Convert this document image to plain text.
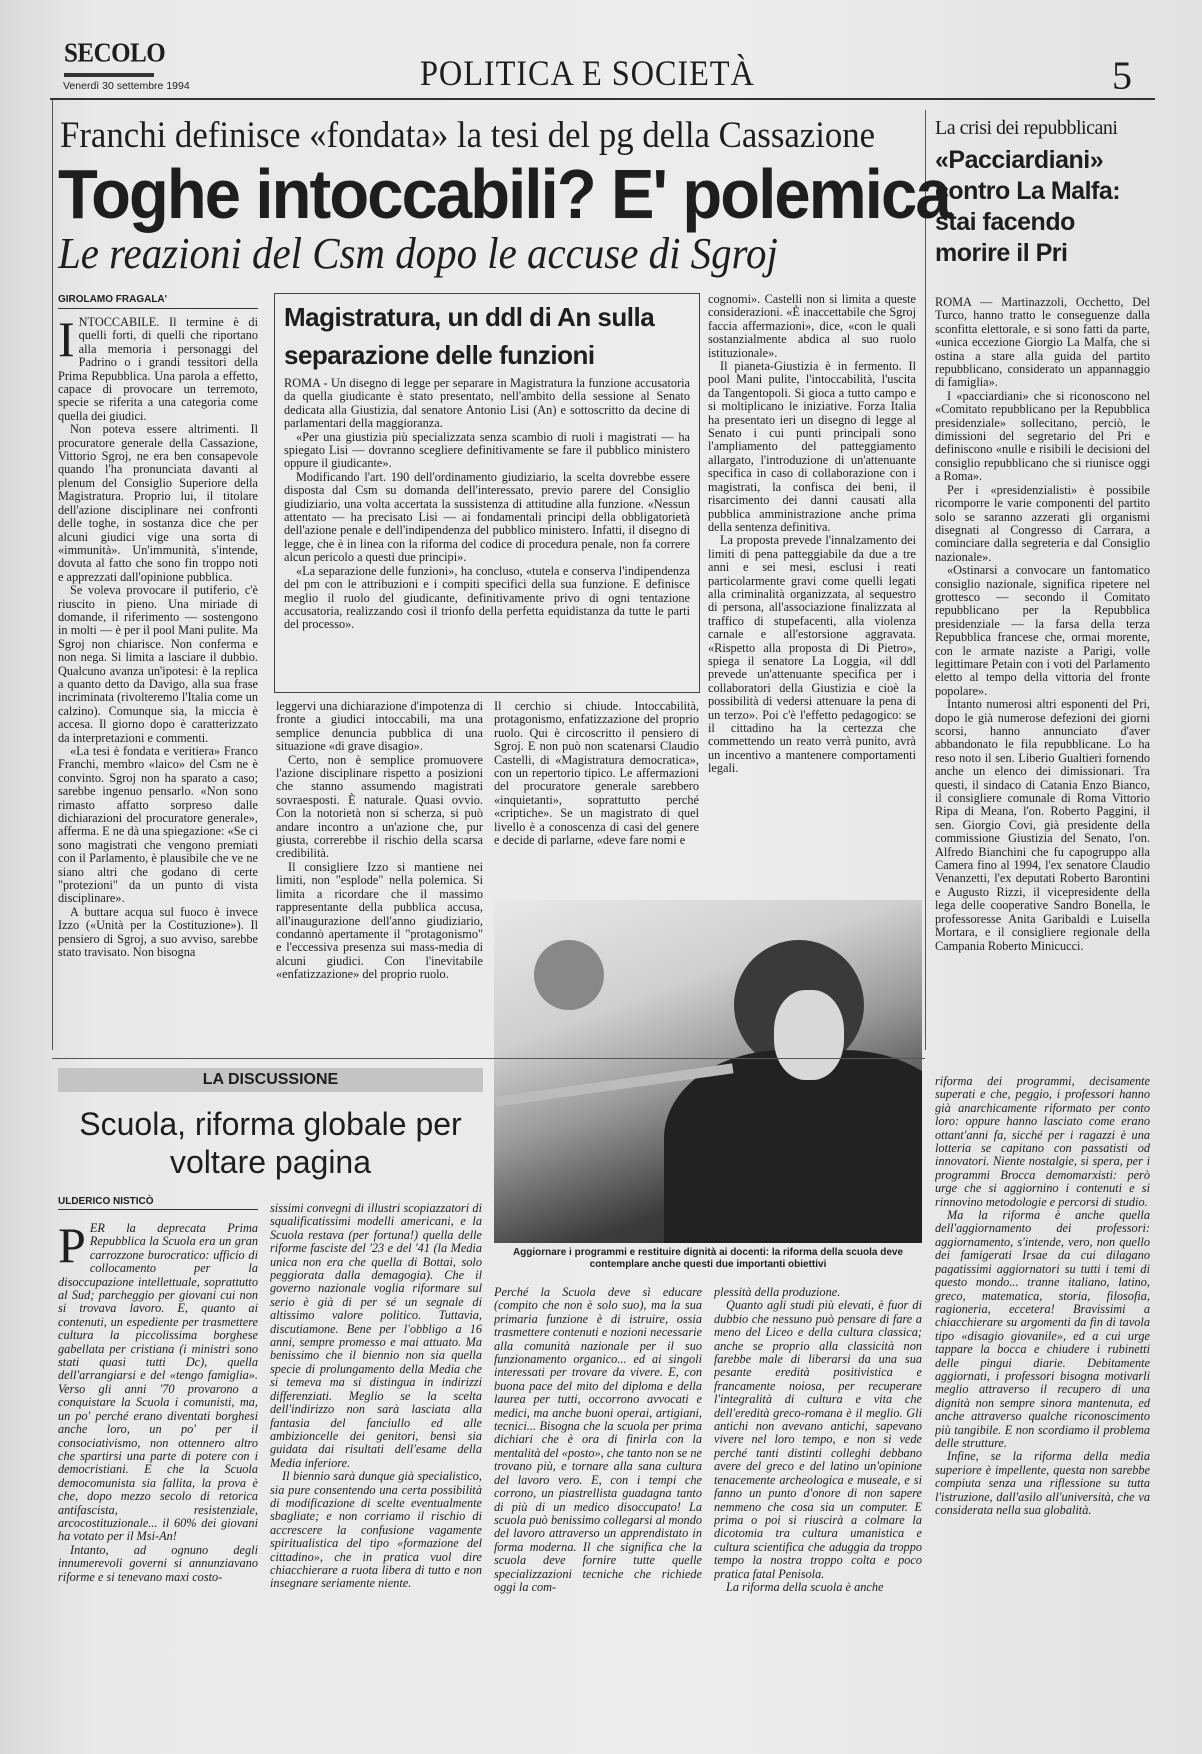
SECOLO
Venerdì 30 settembre 1994	POLITICA E SOCIETÀ	5
Franchi definisce «fondata» la tesi del pg della Cassazione
Toghe intoccabili? E' polemica
Le reazioni del Csm dopo le accuse di Sgroj
GIROLAMO FRAGALA'

INTOCCABILE. Il termine è di quelli forti, di quelli che riportano alla memoria i personaggi del Padrino o i grandi tessitori della Prima Repubblica. Una parola a effetto, capace di provocare un terremoto, specie se riferita a una categoria come quella dei giudici.

Non poteva essere altrimenti. Il procuratore generale della Cassazione, Vittorio Sgroj, ne era ben consapevole quando l'ha pronunciata davanti al plenum del Consiglio Superiore della Magistratura. Proprio lui, il titolare dell'azione disciplinare nei confronti delle toghe, in sostanza dice che per alcuni giudici vige una sorta di «immunità». Un'immunità, s'intende, dovuta al fatto che sono fin troppo noti e apprezzati dall'opinione pubblica.

Se voleva provocare il putiferio, c'è riuscito in pieno. Una miriade di domande, il riferimento — sostengono in molti — è per il pool Mani pulite. Ma Sgroj non chiarisce. Non conferma e non nega. Si limita a lasciare il dubbio. Qualcuno avanza un'ipotesi: è la replica a quanto detto da Davigo, alla sua frase incriminata (rivolteremo l'Italia come un calzino). Comunque sia, la miccia è accesa. Il giorno dopo è caratterizzato da interpretazioni e commenti.

«La tesi è fondata e veritiera» Franco Franchi, membro «laico» del Csm ne è convinto. Sgroj non ha sparato a caso; sarebbe ingenuo pensarlo. «Non sono rimasto affatto sorpreso dalle dichiarazioni del procuratore generale», afferma. E ne dà una spiegazione: «Se ci sono magistrati che vengono premiati con il Parlamento, è plausibile che ve ne siano altri che godano di certe "protezioni" da un punto di vista disciplinare».

A buttare acqua sul fuoco è invece Izzo («Unità per la Costituzione»). Il pensiero di Sgroj, a suo avviso, sarebbe stato travisato. Non bisogna

Magistratura, un ddl di An sulla separazione delle funzioni

ROMA - Un disegno di legge per separare in Magistratura la funzione accusatoria da quella giudicante è stato presentato, nell'ambito della sessione al Senato dedicata alla Giustizia, dal senatore Antonio Lisi (An) e sottoscritto da decine di parlamentari della maggioranza.

«Per una giustizia più specializzata senza scambio di ruoli i magistrati — ha spiegato Lisi — dovranno scegliere definitivamente se fare il pubblico ministero oppure il giudicante».

Modificando l'art. 190 dell'ordinamento giudiziario, la scelta dovrebbe essere disposta dal Csm su domanda dell'interessato, previo parere del Consiglio giudiziario, una volta accertata la sussistenza di attitudine alla funzione. «Nessun attentato — ha precisato Lisi — ai fondamentali principi della obbligatorietà dell'azione penale e dell'indipendenza del pubblico ministero. Infatti, il disegno di legge, che è in linea con la riforma del codice di procedura penale, non fa correre alcun pericolo a questi due principi».

«La separazione delle funzioni», ha concluso, «tutela e conserva l'indipendenza del pm con le attribuzioni e i compiti specifici della sua funzione. E definisce meglio il ruolo del giudicante, definitivamente privo di ogni tentazione accusatoria, realizzando così il trionfo della perfetta equidistanza da tutte le parti del processo».

leggervi una dichiarazione d'impotenza di fronte a giudici intoccabili, ma una semplice denuncia pubblica di una situazione «di grave disagio».

Certo, non è semplice promuovere l'azione disciplinare rispetto a posizioni che stanno assumendo magistrati sovraesposti. È naturale. Quasi ovvio. Con la notorietà non si scherza, si può andare incontro a un'azione che, pur giusta, correrebbe il rischio della scarsa credibilità.

Il consigliere Izzo si mantiene nei limiti, non "esplode" nella polemica. Si limita a ricordare che il massimo rappresentante della pubblica accusa, all'inaugurazione dell'anno giudiziario, condannò apertamente il "protagonismo" e l'eccessiva presenza sui mass-media di alcuni giudici. Con l'inevitabile «enfatizzazione» del proprio ruolo.

Il cerchio si chiude. Intoccabilità, protagonismo, enfatizzazione del proprio ruolo. Qui è circoscritto il pensiero di Sgroj. E non può non scatenarsi Claudio Castelli, di «Magistratura democratica», con un repertorio tipico. Le affermazioni del procuratore generale sarebbero «inquietanti», soprattutto perché «criptiche». Se un magistrato di quel livello è a conoscenza di casi del genere e decide di parlarne, «deve fare nomi e

cognomi». Castelli non si limita a queste considerazioni. «È inaccettabile che Sgroj faccia affermazioni», dice, «con le quali sostanzialmente abdica al suo ruolo istituzionale».

Il pianeta-Giustizia è in fermento. Il pool Mani pulite, l'intoccabilità, l'uscita da Tangentopoli. Si gioca a tutto campo e si moltiplicano le iniziative. Forza Italia ha presentato ieri un disegno di legge al Senato i cui punti principali sono l'ampliamento del patteggiamento allargato, l'introduzione di un'attenuante specifica in caso di collaborazione con i magistrati, la confisca dei beni, il risarcimento dei danni causati alla pubblica amministrazione anche prima della sentenza definitiva.

La proposta prevede l'innalzamento dei limiti di pena patteggiabile da due a tre anni e sei mesi, esclusi i reati particolarmente gravi come quelli legati alla criminalità organizzata, al sequestro di persona, all'associazione finalizzata al traffico di stupefacenti, alla violenza carnale e all'estorsione aggravata. «Rispetto alla proposta di Di Pietro», spiega il senatore La Loggia, «il ddl prevede un'attenuante specifica per i collaboratori della Giustizia e cioè la possibilità di vedersi attenuare la pena di un terzo». Poi c'è l'effetto pedagogico: se il cittadino ha la certezza che commettendo un reato verrà punito, avrà un incentivo a mantenere comportamenti legali.

Aggiornare i programmi e restituire dignità ai docenti: la riforma della scuola deve contemplare anche questi due importanti obiettivi
La crisi dei repubblicani
«Pacciardiani» contro La Malfa: stai facendo morire il Pri

ROMA — Martinazzoli, Occhetto, Del Turco, hanno tratto le conseguenze dalla sconfitta elettorale, e si sono fatti da parte, «unica eccezione Giorgio La Malfa, che si ostina a stare alla guida del partito repubblicano, considerato un appannaggio di famiglia».

I «pacciardiani» che si riconoscono nel «Comitato repubblicano per la Repubblica presidenziale» sollecitano, perciò, le dimissioni del segretario del Pri e definiscono «nulle e risibili le decisioni del consiglio repubblicano che si riunisce oggi a Roma».

Per i «presidenzialisti» è possibile ricomporre le varie componenti del partito solo se saranno azzerati gli organismi disegnati al Congresso di Carrara, a cominciare dalla segreteria e dal Consiglio nazionale».

«Ostinarsi a convocare un fantomatico consiglio nazionale, significa ripetere nel grottesco — secondo il Comitato repubblicano per la Repubblica presidenziale — la farsa della terza Repubblica francese che, ormai morente, con le armate naziste a Parigi, volle legittimare Petain con i voti del Parlamento eletto al tempo della vittoria del fronte popolare».

Intanto numerosi altri esponenti del Pri, dopo le già numerose defezioni dei giorni scorsi, hanno annunciato d'aver abbandonato le fila repubblicane. Lo ha reso noto il sen. Liberio Gualtieri fornendo anche un elenco dei dimissionari. Tra questi, il sindaco di Catania Enzo Bianco, il consigliere comunale di Roma Vittorio Ripa di Meana, l'on. Roberto Paggini, il sen. Giorgio Covi, già presidente della commissione Giustizia del Senato, l'on. Alfredo Bianchini che fu capogruppo alla Camera fino al 1994, l'ex senatore Claudio Venanzetti, l'ex deputati Roberto Barontini e Augusto Rizzi, il vicepresidente della lega delle cooperative Sandro Bonella, le professoresse Anita Garibaldi e Luisella Mortara, e il consigliere regionale della Campania Roberto Minicucci.

LA DISCUSSIONE
Scuola, riforma globale per voltare pagina
ULDERICO NISTICÒ

PER la deprecata Prima Repubblica la Scuola era un gran carrozzone burocratico: ufficio di collocamento per la disoccupazione intellettuale, soprattutto al Sud; parcheggio per giovani cui non si trovava lavoro. E, quanto ai contenuti, un espediente per trasmettere cultura la piccolissima borghese gabellata per cristiana (i ministri sono stati quasi tutti Dc), quella dell'arrangiarsi e del «tengo famiglia». Verso gli anni '70 provarono a conquistare la Scuola i comunisti, ma, un po' perché erano diventati borghesi anche loro, un po' per il consociativismo, non ottennero altro che spartirsi una parte di potere con i democristiani. E che la Scuola democomunista sia fallita, la prova è che, dopo mezzo secolo di retorica antifascista, resistenziale, arcocostituzionale... il 60% dei giovani ha votato per il Msi-An!

Intanto, ad ognuno degli innumerevoli governi si annunziavano riforme e si tenevano maxi costo-

sissimi convegni di illustri scopiazzatori di squalificatissimi modelli americani, e la Scuola restava (per fortuna!) quella delle riforme fasciste del '23 e del '41 (la Media unica non era che quella di Bottai, solo peggiorata dalla demagogia). Che il governo nazionale voglia riformare sul serio è già di per sé un segnale di altissimo valore politico. Tuttavia, discutiamone. Bene per l'obbligo a 16 anni, sempre promesso e mai attuato. Ma benissimo che il biennio non sia quella specie di prolungamento della Media che si temeva ma si distingua in indirizzi differenziati. Meglio se la scelta dell'indirizzo non sarà lasciata alla fantasia del fanciullo ed alle ambizioncelle dei genitori, bensì sia guidata dai risultati dell'esame della Media inferiore.

Il biennio sarà dunque già specialistico, sia pure consentendo una certa possibilità di modificazione di scelte eventualmente sbagliate; e non corriamo il rischio di accrescere la confusione vagamente spiritualistica del tipo «formazione del cittadino», che in pratica vuol dire chiacchierare a ruota libera di tutto e non insegnare seriamente niente.

Perché la Scuola deve sì educare (compito che non è solo suo), ma la sua primaria funzione è di istruire, ossia trasmettere contenuti e nozioni necessarie alla comunità nazionale per il suo funzionamento organico... ed ai singoli interessati per trovare da vivere. E, con buona pace del mito del diploma e della laurea per tutti, occorrono avvocati e medici, ma anche buoni operai, artigiani, tecnici... Bisogna che la scuola per prima dichiari che è ora di finirla con la mentalità del «posto», che tanto non se ne trovano più, e tornare alla sana cultura del lavoro vero. E, con i tempi che corrono, un piastrellista guadagna tanto di più di un medico disoccupato! La scuola può benissimo collegarsi al mondo del lavoro attraverso un apprendistato in forma moderna. Il che significa che la scuola deve fornire tutte quelle specializzazioni tecniche che richiede oggi la com-

plessità della produzione.

Quanto agli studi più elevati, è fuor di dubbio che nessuno può pensare di fare a meno del Liceo e della cultura classica; anche se proprio alla classicità non farebbe male di liberarsi da una sua pesante eredità positivistica e francamente noiosa, per recuperare l'integralità di cultura e vita che dell'eredità greco-romana è il meglio. Gli antichi non avevano antichi, sapevano vivere nel loro tempo, e non si vede perché tanti distinti colleghi debbano avere del greco e del latino un'opinione tenacemente archeologica e museale, e si fanno un punto d'onore di non sapere nemmeno che cosa sia un computer. E prima o poi si riuscirà a colmare la dicotomia tra cultura umanistica e cultura scientifica che aduggia da troppo tempo la nostra troppo colta e poco pratica fatal Penisola.

La riforma della scuola è anche

riforma dei programmi, decisamente superati e che, peggio, i professori hanno già anarchicamente riformato per conto loro: oppure hanno lasciato come erano ottant'anni fa, sicché per i ragazzi è una lotteria se capitano con passatisti od innovatori. Niente nostalgie, si spera, per i programmi Brocca demomarxisti: però urge che si aggiornino i contenuti e si rinnovino metodologie e percorsi di studio.

Ma la riforma è anche quella dell'aggiornamento dei professori: aggiornamento, s'intende, vero, non quello dei famigerati Irsae da cui dilagano pagatissimi aggiornatori su tutti i temi di questo mondo... tranne italiano, latino, greco, matematica, storia, filosofia, ragioneria, eccetera! Bravissimi a chiacchierare su argomenti da fin di tavola tipo «disagio giovanile», ed a cui urge tappare la bocca e chiudere i rubinetti delle pingui diarie. Debitamente aggiornati, i professori bisogna motivarli meglio attraverso il recupero di una dignità non sempre sinora mantenuta, ed anche attraverso qualche riconoscimento più tangibile. E non scordiamo il problema delle strutture.

Infine, se la riforma della media superiore è impellente, questa non sarebbe compiuta senza una riflessione su tutta l'istruzione, dall'asilo all'università, che va considerata nella sua globalità.
